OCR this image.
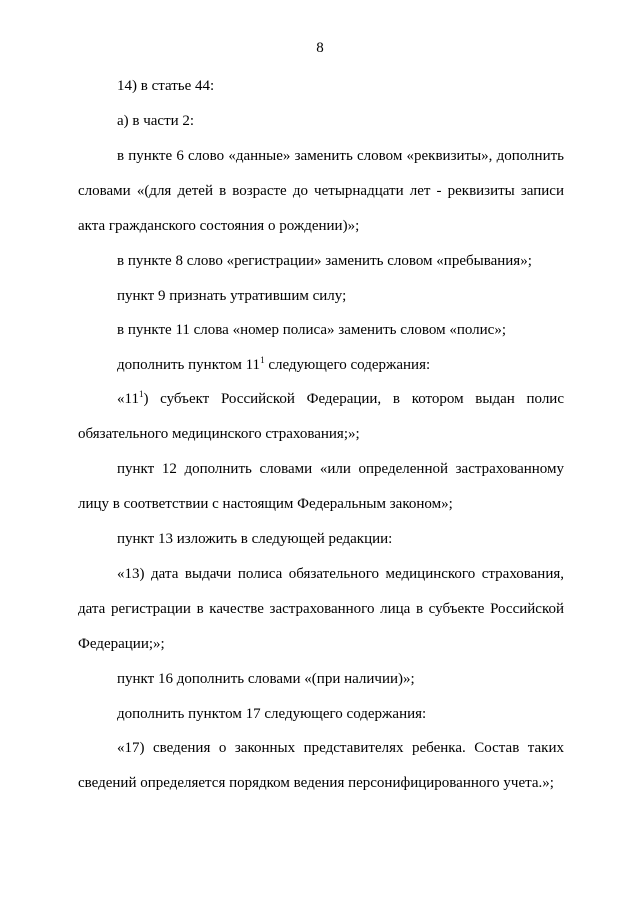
8
14) в статье 44:
а) в части 2:
в пункте 6 слово «данные» заменить словом «реквизиты», дополнить
словами «(для детей в возрасте до четырнадцати лет - реквизиты записи
акта гражданского состояния о рождении)»;
в пункте 8 слово «регистрации» заменить словом «пребывания»;
пункт 9 признать утратившим силу;
в пункте 11 слова «номер полиса» заменить словом «полис»;
дополнить пунктом $11^1$ следующего содержания:
«$11^1$) субъект Российской Федерации, в котором выдан полис
обязательного медицинского страхования;»;
пункт 12 дополнить словами «или определенной застрахованному
лицу в соответствии с настоящим Федеральным законом»;
пункт 13 изложить в следующей редакции:
«13) дата выдачи полиса обязательного медицинского страхования,
дата регистрации в качестве застрахованного лица в субъекте Российской
Федерации;»;
пункт 16 дополнить словами «(при наличии)»;
дополнить пунктом 17 следующего содержания:
«17) сведения о законных представителях ребенка. Состав таких
сведений определяется порядком ведения персонифицированного учета.»;
